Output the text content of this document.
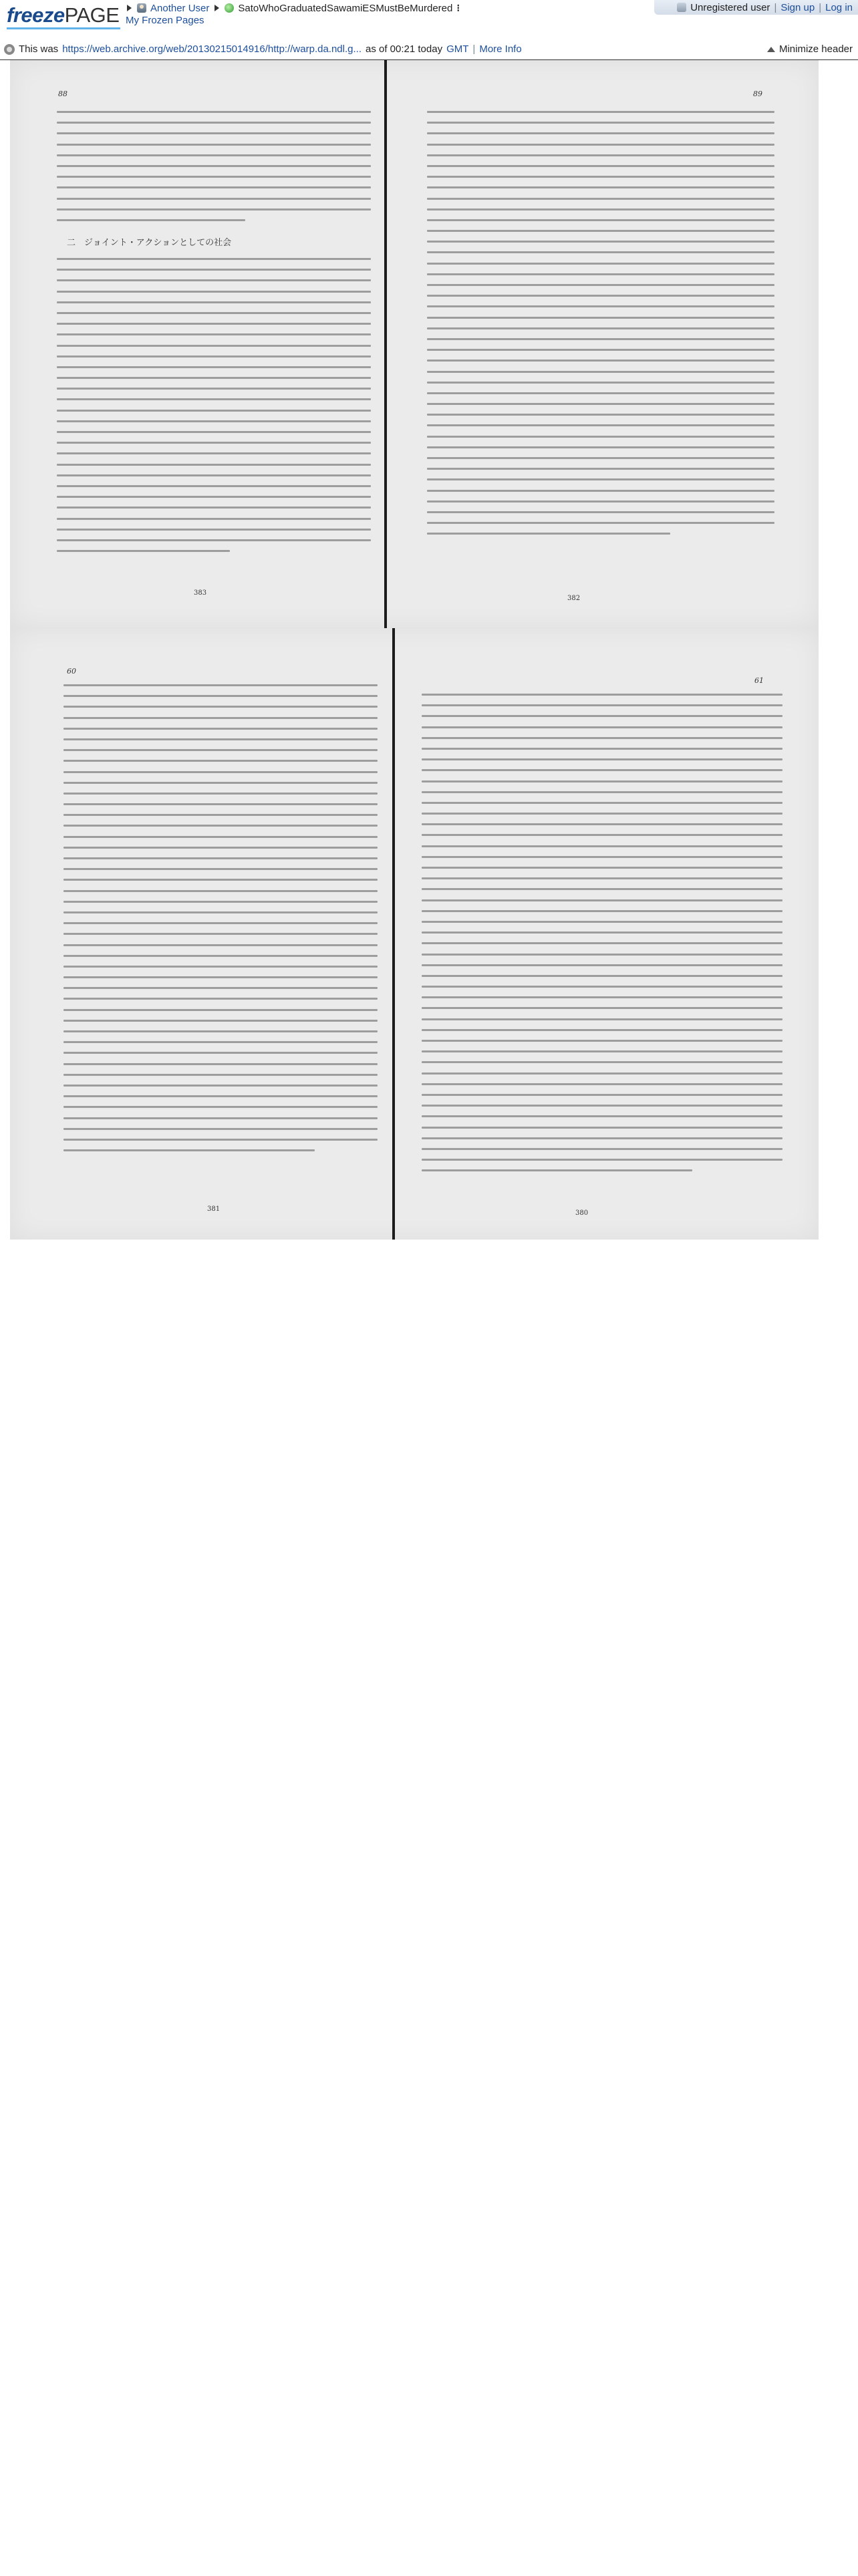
freezePAGE	Another User	SatoWhoGraduatedSawamiESMustBeMurdered ⁝
My Frozen Pages
Unregistered user | Sign up | Log in
This was https://web.archive.org/web/20130215014916/http://warp.da.ndl.g... as of 00:21 today GMT | More Info	Minimize header
88
二　ジョイント・アクションとしての社会
383
89
382
60
381
61
380
